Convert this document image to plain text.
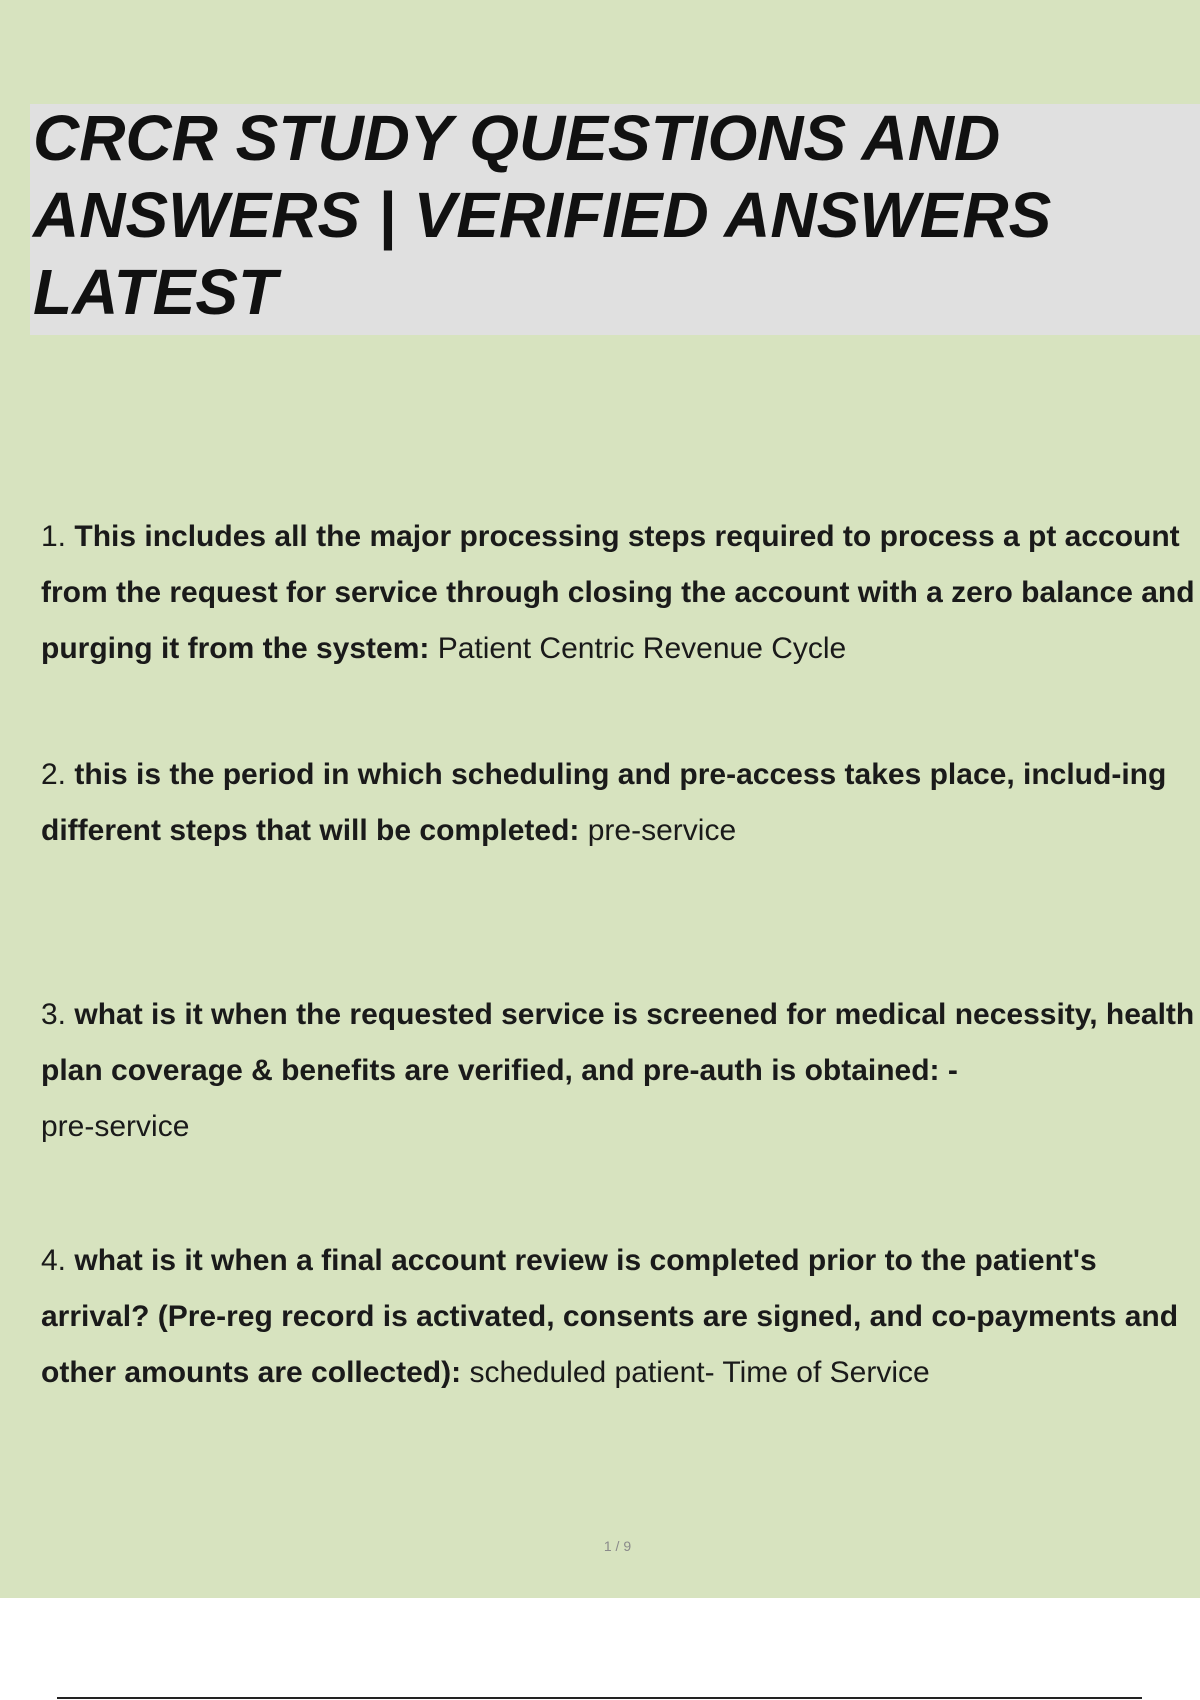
CRCR STUDY QUESTIONS AND ANSWERS | VERIFIED ANSWERS LATEST

1. This includes all the major processing steps required to process a pt account from the request for service through closing the account with a zero balance and purging it from the system: Patient Centric Revenue Cycle

2. this is the period in which scheduling and pre-access takes place, includ-ing different steps that will be completed: pre-service

3. what is it when the requested service is screened for medical necessity, health plan coverage & benefits are verified, and pre-auth is obtained: -
pre-service

4. what is it when a final account review is completed prior to the patient's arrival? (Pre-reg record is activated, consents are signed, and co-payments and other amounts are collected): scheduled patient- Time of Service

1 / 9
